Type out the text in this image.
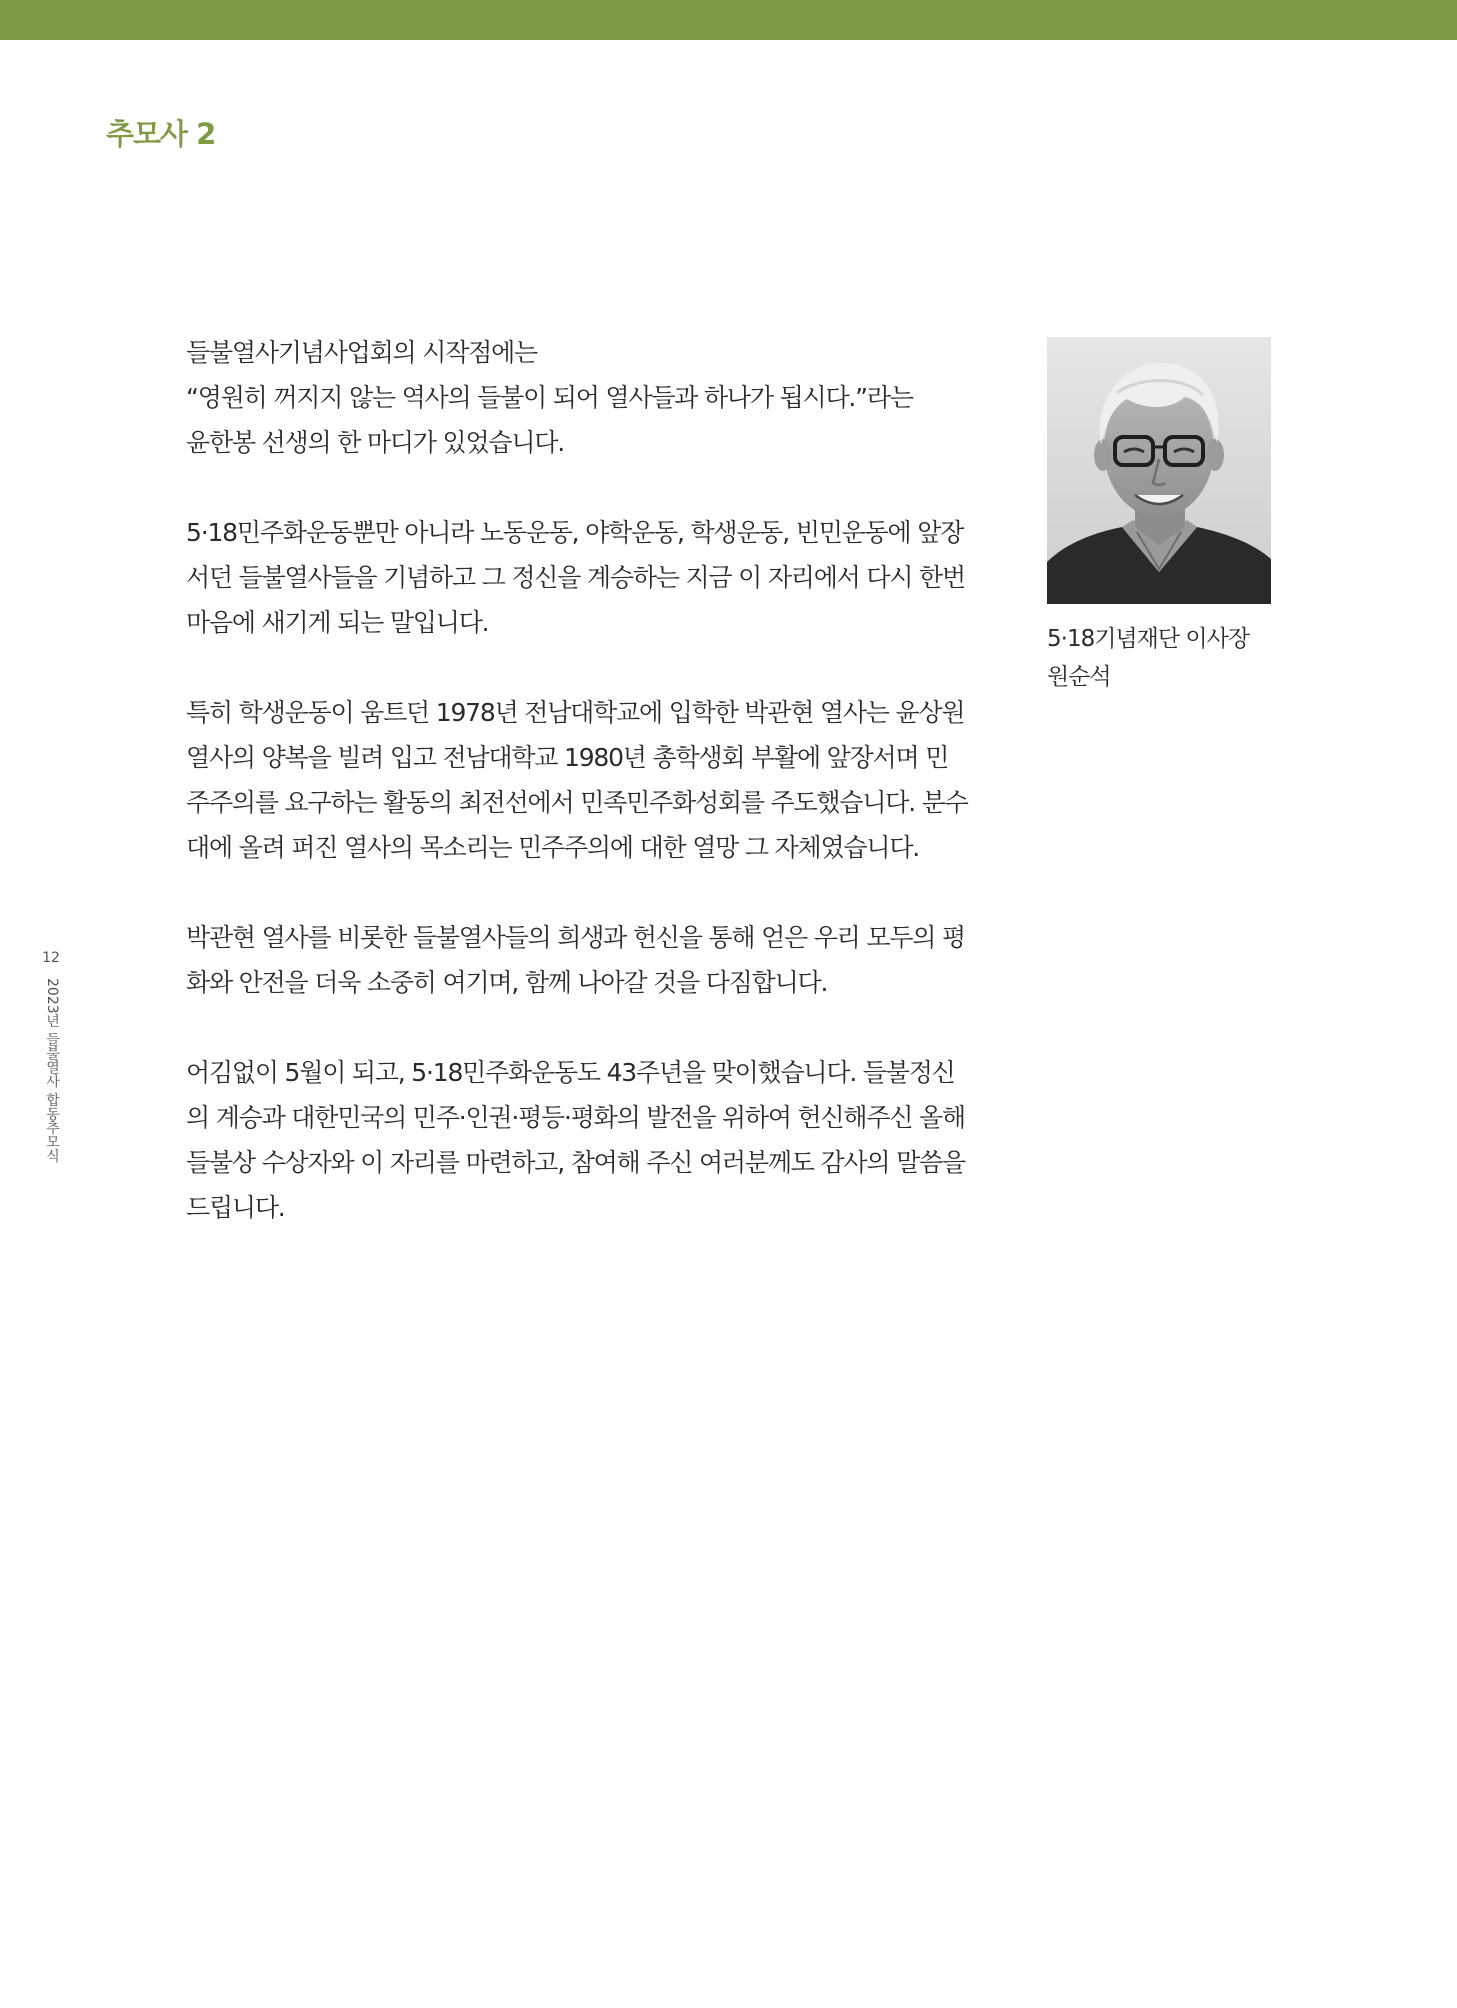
추모사 2

들불열사기념사업회의 시작점에는
“영원히 꺼지지 않는 역사의 들불이 되어 열사들과 하나가 됩시다.”라는
윤한봉 선생의 한 마디가 있었습니다.

5·18민주화운동뿐만 아니라 노동운동, 야학운동, 학생운동, 빈민운동에 앞장
서던 들불열사들을 기념하고 그 정신을 계승하는 지금 이 자리에서 다시 한번
마음에 새기게 되는 말입니다.

특히 학생운동이 움트던 1978년 전남대학교에 입학한 박관현 열사는 윤상원
열사의 양복을 빌려 입고 전남대학교 1980년 총학생회 부활에 앞장서며 민
주주의를 요구하는 활동의 최전선에서 민족민주화성회를 주도했습니다. 분수
대에 올려 퍼진 열사의 목소리는 민주주의에 대한 열망 그 자체였습니다.

박관현 열사를 비롯한 들불열사들의 희생과 헌신을 통해 얻은 우리 모두의 평
화와 안전을 더욱 소중히 여기며, 함께 나아갈 것을 다짐합니다.

어김없이 5월이 되고, 5·18민주화운동도 43주년을 맞이했습니다. 들불정신
의 계승과 대한민국의 민주·인권·평등·평화의 발전을 위하여 헌신해주신 올해
들불상 수상자와 이 자리를 마련하고, 참여해 주신 여러분께도 감사의 말씀을
드립니다.

5·18기념재단 이사장
원순석
12
2023년 들불열사 합동추모식
